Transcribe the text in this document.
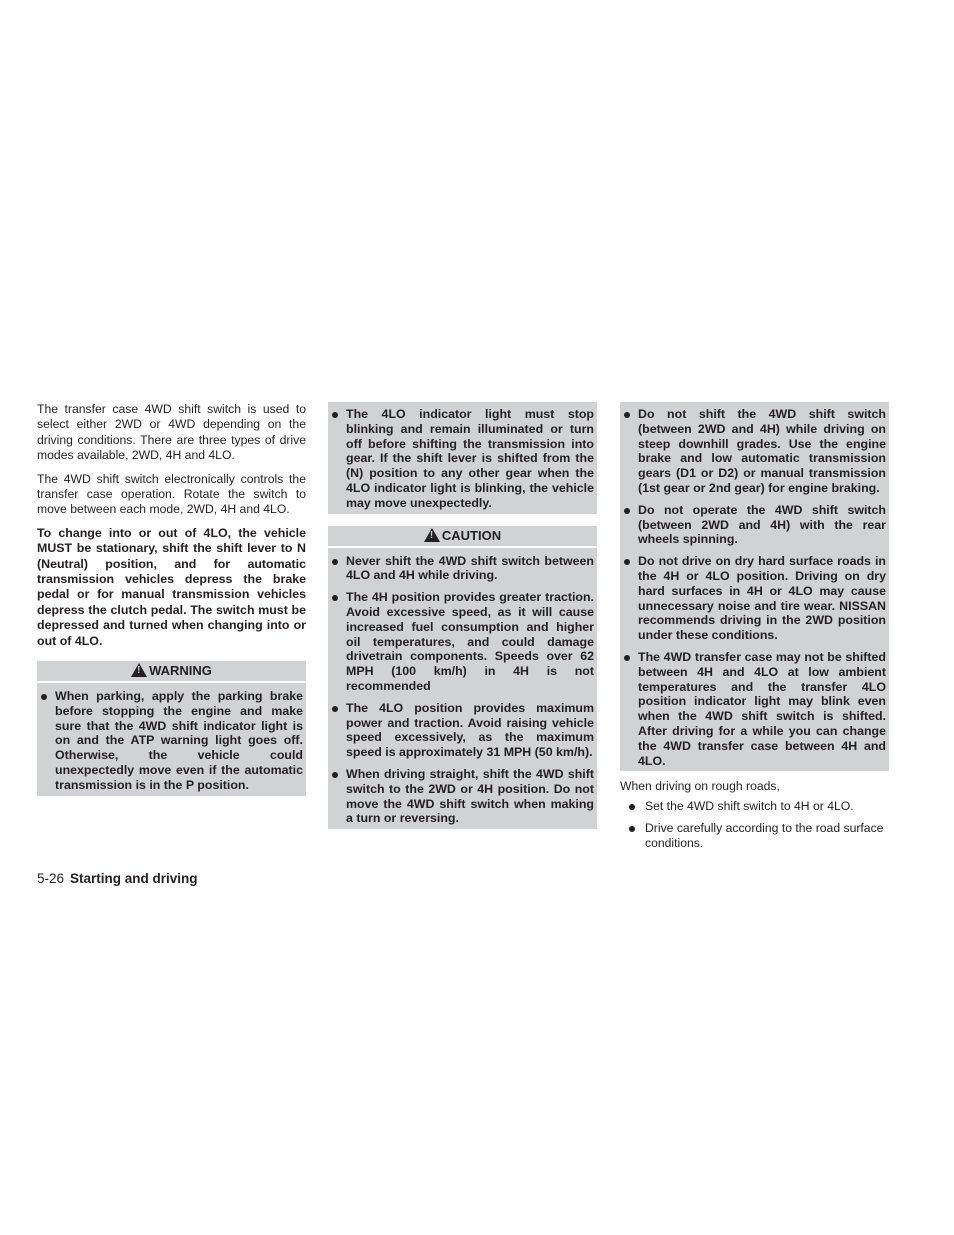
The transfer case 4WD shift switch is used to select either 2WD or 4WD depending on the driving conditions. There are three types of drive modes available, 2WD, 4H and 4LO.

The 4WD shift switch electronically controls the transfer case operation. Rotate the switch to move between each mode, 2WD, 4H and 4LO.

To change into or out of 4LO, the vehicle MUST be stationary, shift the shift lever to N (Neutral) position, and for automatic transmission vehicles depress the brake pedal or for manual transmission vehicles depress the clutch pedal. The switch must be depressed and turned when changing into or out of 4LO.

!WARNING
When parking, apply the parking brake before stopping the engine and make sure that the 4WD shift indicator light is on and the ATP warning light goes off. Otherwise, the vehicle could unexpectedly move even if the automatic transmission is in the P position.
The 4LO indicator light must stop blinking and remain illuminated or turn off before shifting the transmission into gear. If the shift lever is shifted from the (N) position to any other gear when the 4LO indicator light is blinking, the vehicle may move unexpectedly.
!CAUTION
Never shift the 4WD shift switch between 4LO and 4H while driving.
The 4H position provides greater traction. Avoid excessive speed, as it will cause increased fuel consumption and higher oil temperatures, and could damage drivetrain components. Speeds over 62 MPH (100 km/h) in 4H is not recommended
The 4LO position provides maximum power and traction. Avoid raising vehicle speed excessively, as the maximum speed is approximately 31 MPH (50 km/h).
When driving straight, shift the 4WD shift switch to the 2WD or 4H position. Do not move the 4WD shift switch when making a turn or reversing.
Do not shift the 4WD shift switch (between 2WD and 4H) while driving on steep downhill grades. Use the engine brake and low automatic transmission gears (D1 or D2) or manual transmission (1st gear or 2nd gear) for engine braking.
Do not operate the 4WD shift switch (between 2WD and 4H) with the rear wheels spinning.
Do not drive on dry hard surface roads in the 4H or 4LO position. Driving on dry hard surfaces in 4H or 4LO may cause unnecessary noise and tire wear. NISSAN recommends driving in the 2WD position under these conditions.
The 4WD transfer case may not be shifted between 4H and 4LO at low ambient temperatures and the transfer 4LO position indicator light may blink even when the 4WD shift switch is shifted. After driving for a while you can change the 4WD transfer case between 4H and 4LO.

When driving on rough roads,

Set the 4WD shift switch to 4H or 4LO.
Drive carefully according to the road surface conditions.
5-26 Starting and driving
